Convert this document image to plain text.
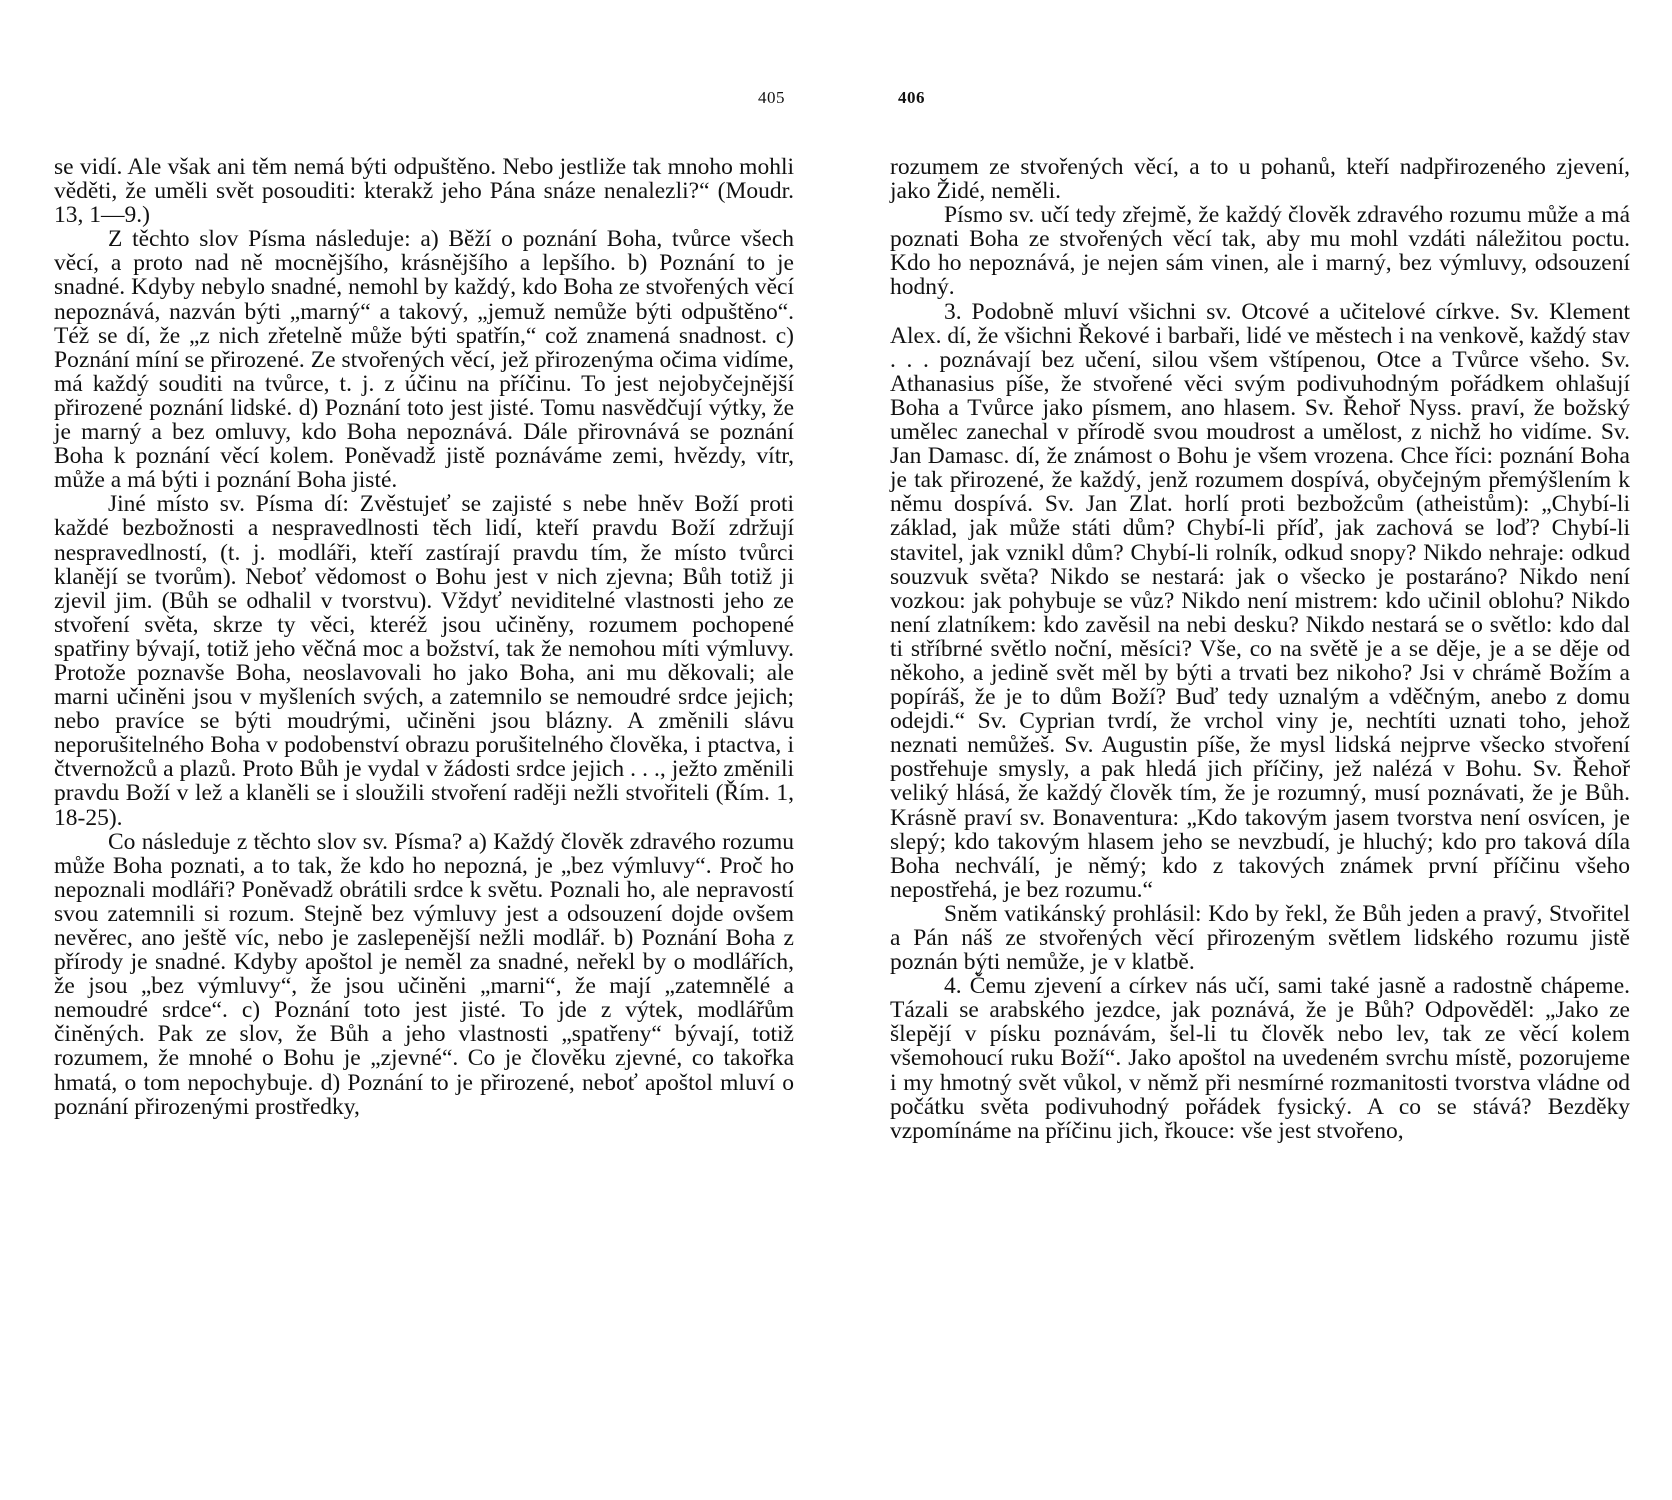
405	406

se vidí. Ale však ani těm nemá býti odpuštěno. Nebo jestliže tak mnoho mohli věděti, že uměli svět posouditi: kterakž jeho Pána snáze nenalezli?“ (Moudr. 13, 1—9.)

Z těchto slov Písma následuje: a) Běží o poznání Boha, tvůrce všech věcí, a proto nad ně mocnějšího, krásnějšího a lepšího. b) Poznání to je snadné. Kdyby nebylo snadné, nemohl by každý, kdo Boha ze stvořených věcí nepoznává, nazván býti „marný“ a takový, „jemuž nemůže býti odpuštěno“. Též se dí, že „z nich zřetelně může býti spatřín,“ což znamená snadnost. c) Poznání míní se přirozené. Ze stvořených věcí, jež přirozenýma očima vidíme, má každý souditi na tvůrce, t. j. z účinu na příčinu. To jest nejobyčejnější přirozené poznání lidské. d) Poznání toto jest jisté. Tomu nasvědčují výtky, že je marný a bez omluvy, kdo Boha nepoznává. Dále přirovnává se poznání Boha k poznání věcí kolem. Poněvadž jistě poznáváme zemi, hvězdy, vítr, může a má býti i poznání Boha jisté.

Jiné místo sv. Písma dí: Zvěstujeť se zajisté s nebe hněv Boží proti každé bezbožnosti a nespravedlnosti těch lidí, kteří pravdu Boží zdržují nespravedlností, (t. j. modláři, kteří zastírají pravdu tím, že místo tvůrci klanějí se tvorům). Neboť vědomost o Bohu jest v nich zjevna; Bůh totiž ji zjevil jim. (Bůh se odhalil v tvorstvu). Vždyť neviditelné vlastnosti jeho ze stvoření světa, skrze ty věci, kteréž jsou učiněny, rozumem pochopené spatřiny bývají, totiž jeho věčná moc a božství, tak že nemohou míti výmluvy. Protože poznavše Boha, neoslavovali ho jako Boha, ani mu děkovali; ale marni učiněni jsou v myšleních svých, a zatemnilo se nemoudré srdce jejich; nebo pravíce se býti moudrými, učiněni jsou blázny. A změnili slávu neporušitelného Boha v podobenství obrazu porušitelného člověka, i ptactva, i čtvernožců a plazů. Proto Bůh je vydal v žádosti srdce jejich . . ., ježto změnili pravdu Boží v lež a klaněli se i sloužili stvoření raději nežli stvořiteli (Řím. 1, 18-25).

Co následuje z těchto slov sv. Písma? a) Každý člověk zdravého rozumu může Boha poznati, a to tak, že kdo ho nepozná, je „bez výmluvy“. Proč ho nepoznali modláři? Poněvadž obrátili srdce k světu. Poznali ho, ale nepravostí svou zatemnili si rozum. Stejně bez výmluvy jest a odsouzení dojde ovšem nevěrec, ano ještě víc, nebo je zaslepenější nežli modlář. b) Poznání Boha z přírody je snadné. Kdyby apoštol je neměl za snadné, neřekl by o modlářích, že jsou „bez výmluvy“, že jsou učiněni „marni“, že mají „zatemnělé a nemoudré srdce“. c) Poznání toto jest jisté. To jde z výtek, modlářům činěných. Pak ze slov, že Bůh a jeho vlastnosti „spatřeny“ bývají, totiž rozumem, že mnohé o Bohu je „zjevné“. Co je člověku zjevné, co takořka hmatá, o tom nepochybuje. d) Poznání to je přirozené, neboť apoštol mluví o poznání přirozenými prostředky,

rozumem ze stvořených věcí, a to u pohanů, kteří nadpřirozeného zjevení, jako Židé, neměli.

Písmo sv. učí tedy zřejmě, že každý člověk zdravého rozumu může a má poznati Boha ze stvořených věcí tak, aby mu mohl vzdáti náležitou poctu. Kdo ho nepoznává, je nejen sám vinen, ale i marný, bez výmluvy, odsouzení hodný.

3. Podobně mluví všichni sv. Otcové a učitelové církve. Sv. Klement Alex. dí, že všichni Řekové i barbaři, lidé ve městech i na venkově, každý stav . . . poznávají bez učení, silou všem vštípenou, Otce a Tvůrce všeho. Sv. Athanasius píše, že stvořené věci svým podivuhodným pořádkem ohlašují Boha a Tvůrce jako písmem, ano hlasem. Sv. Řehoř Nyss. praví, že božský umělec zanechal v přírodě svou moudrost a umělost, z nichž ho vidíme. Sv. Jan Damasc. dí, že známost o Bohu je všem vrozena. Chce říci: poznání Boha je tak přirozené, že každý, jenž rozumem dospívá, obyčejným přemýšlením k němu dospívá. Sv. Jan Zlat. horlí proti bezbožcům (atheistům): „Chybí-li základ, jak může státi dům? Chybí-li příď, jak zachová se loď? Chybí-li stavitel, jak vznikl dům? Chybí-li rolník, odkud snopy? Nikdo nehraje: odkud souzvuk světa? Nikdo se nestará: jak o všecko je postaráno? Nikdo není vozkou: jak pohybuje se vůz? Nikdo není mistrem: kdo učinil oblohu? Nikdo není zlatníkem: kdo zavěsil na nebi desku? Nikdo nestará se o světlo: kdo dal ti stříbrné světlo noční, měsíci? Vše, co na světě je a se děje, je a se děje od někoho, a jedině svět měl by býti a trvati bez nikoho? Jsi v chrámě Božím a popíráš, že je to dům Boží? Buď tedy uznalým a vděčným, anebo z domu odejdi.“ Sv. Cyprian tvrdí, že vrchol viny je, nechtíti uznati toho, jehož neznati nemůžeš. Sv. Augustin píše, že mysl lidská nejprve všecko stvoření postřehuje smysly, a pak hledá jich příčiny, jež nalézá v Bohu. Sv. Řehoř veliký hlásá, že každý člověk tím, že je rozumný, musí poznávati, že je Bůh. Krásně praví sv. Bonaventura: „Kdo takovým jasem tvorstva není osvícen, je slepý; kdo takovým hlasem jeho se nevzbudí, je hluchý; kdo pro taková díla Boha nechválí, je němý; kdo z takových známek první příčinu všeho nepostřehá, je bez rozumu.“

Sněm vatikánský prohlásil: Kdo by řekl, že Bůh jeden a pravý, Stvořitel a Pán náš ze stvořených věcí přirozeným světlem lidského rozumu jistě poznán býti nemůže, je v klatbě.

4. Čemu zjevení a církev nás učí, sami také jasně a radostně chápeme. Tázali se arabského jezdce, jak poznává, že je Bůh? Odpověděl: „Jako ze šlepějí v písku poznávám, šel-li tu člověk nebo lev, tak ze věcí kolem všemohoucí ruku Boží“. Jako apoštol na uvedeném svrchu místě, pozorujeme i my hmotný svět vůkol, v němž při nesmírné rozmanitosti tvorstva vládne od počátku světa podivuhodný pořádek fysický. A co se stává? Bezděky vzpomínáme na příčinu jich, řkouce: vše jest stvořeno,
